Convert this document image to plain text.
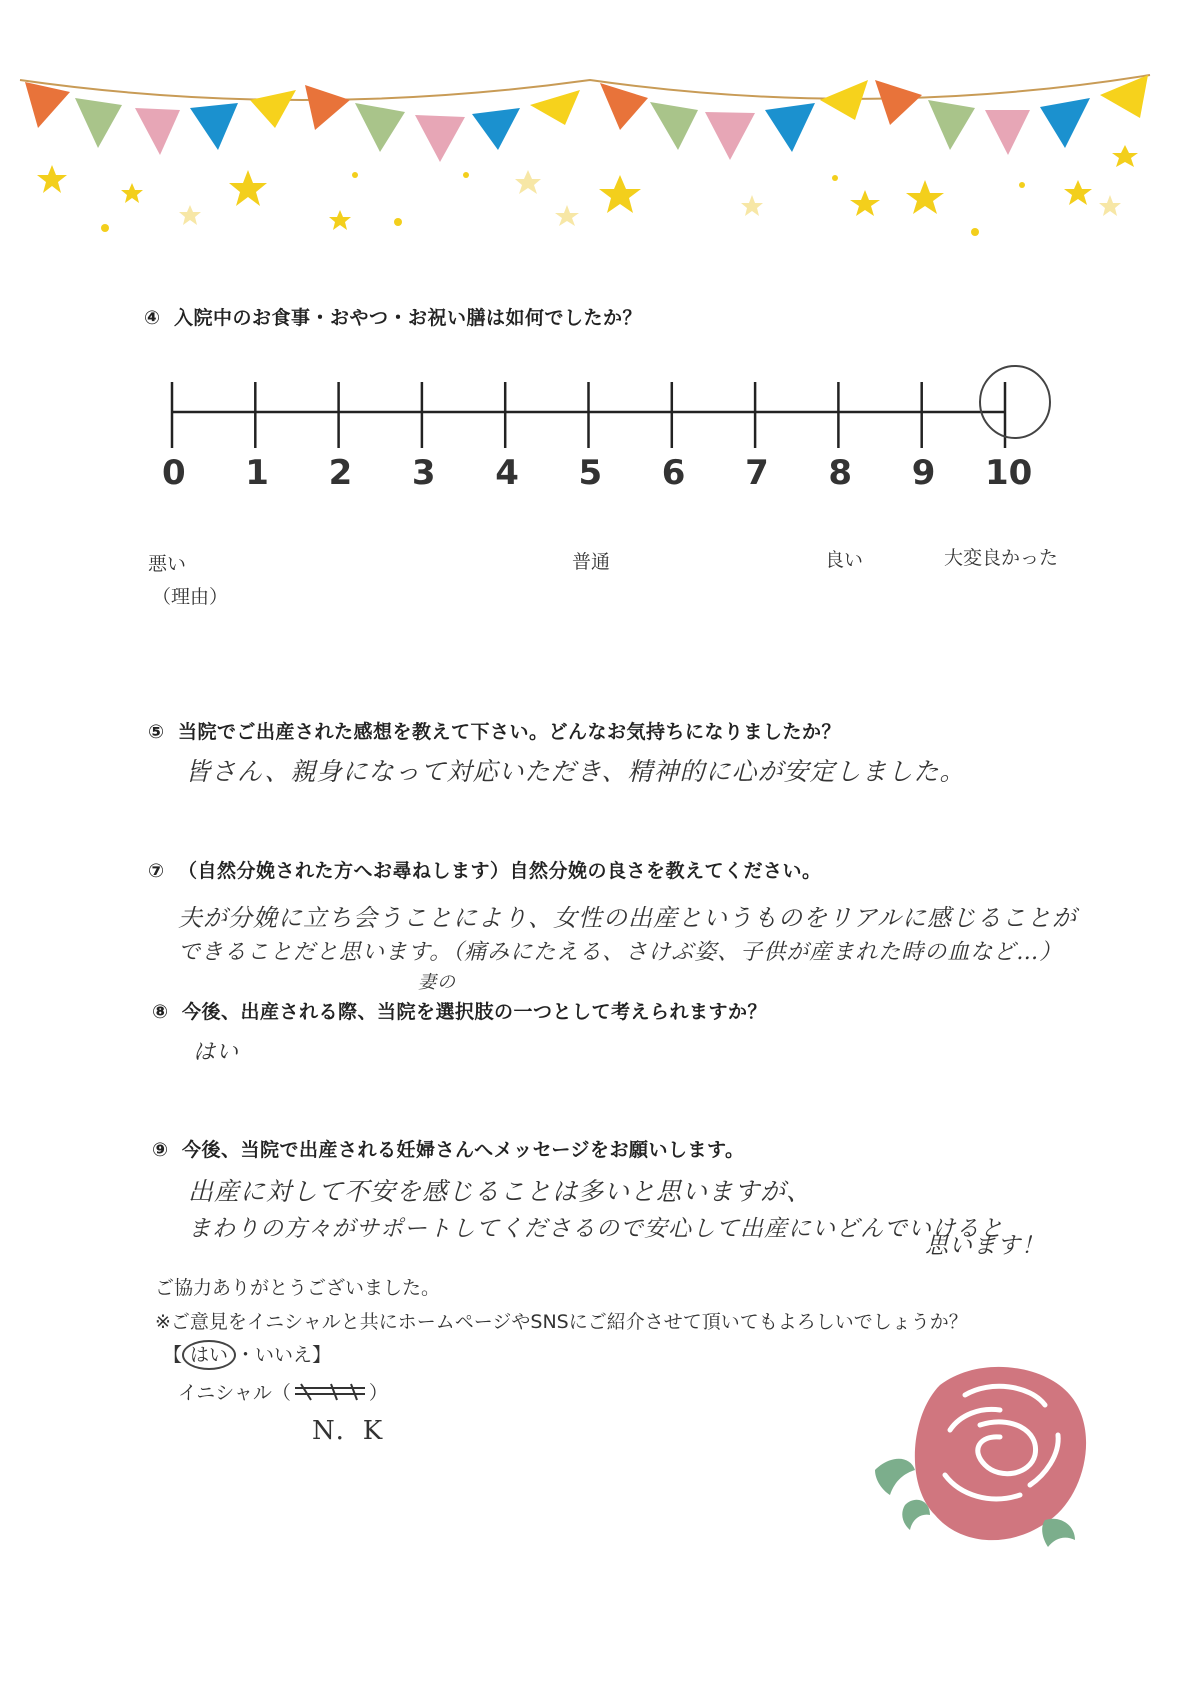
④ 入院中のお食事・おやつ・お祝い膳は如何でしたか？
0 1 2 3 4 5 6 7 8 9 10
悪い
（理由）
普通	良い	大変良かった
⑤ 当院でご出産された感想を教えて下さい。どんなお気持ちになりましたか？
皆さん、親身になって対応いただき、精神的に心が安定しました。
⑦ （自然分娩された方へお尋ねします）自然分娩の良さを教えてください。
夫が分娩に立ち会うことにより、女性の出産というものをリアルに感じることが
できることだと思います。（痛みにたえる、さけぶ姿、子供が産まれた時の血など…）
妻の
⑧ 今後、出産される際、当院を選択肢の一つとして考えられますか？
はい
⑨ 今後、当院で出産される妊婦さんへメッセージをお願いします。
出産に対して不安を感じることは多いと思いますが、
まわりの方々がサポートしてくださるので安心して出産にいどんでいけると
思います！
ご協力ありがとうございました。
※ご意見をイニシャルと共にホームページやSNSにご紹介させて頂いてもよろしいでしょうか？
【 はい ・いいえ】
イニシャル（	）
N．K
